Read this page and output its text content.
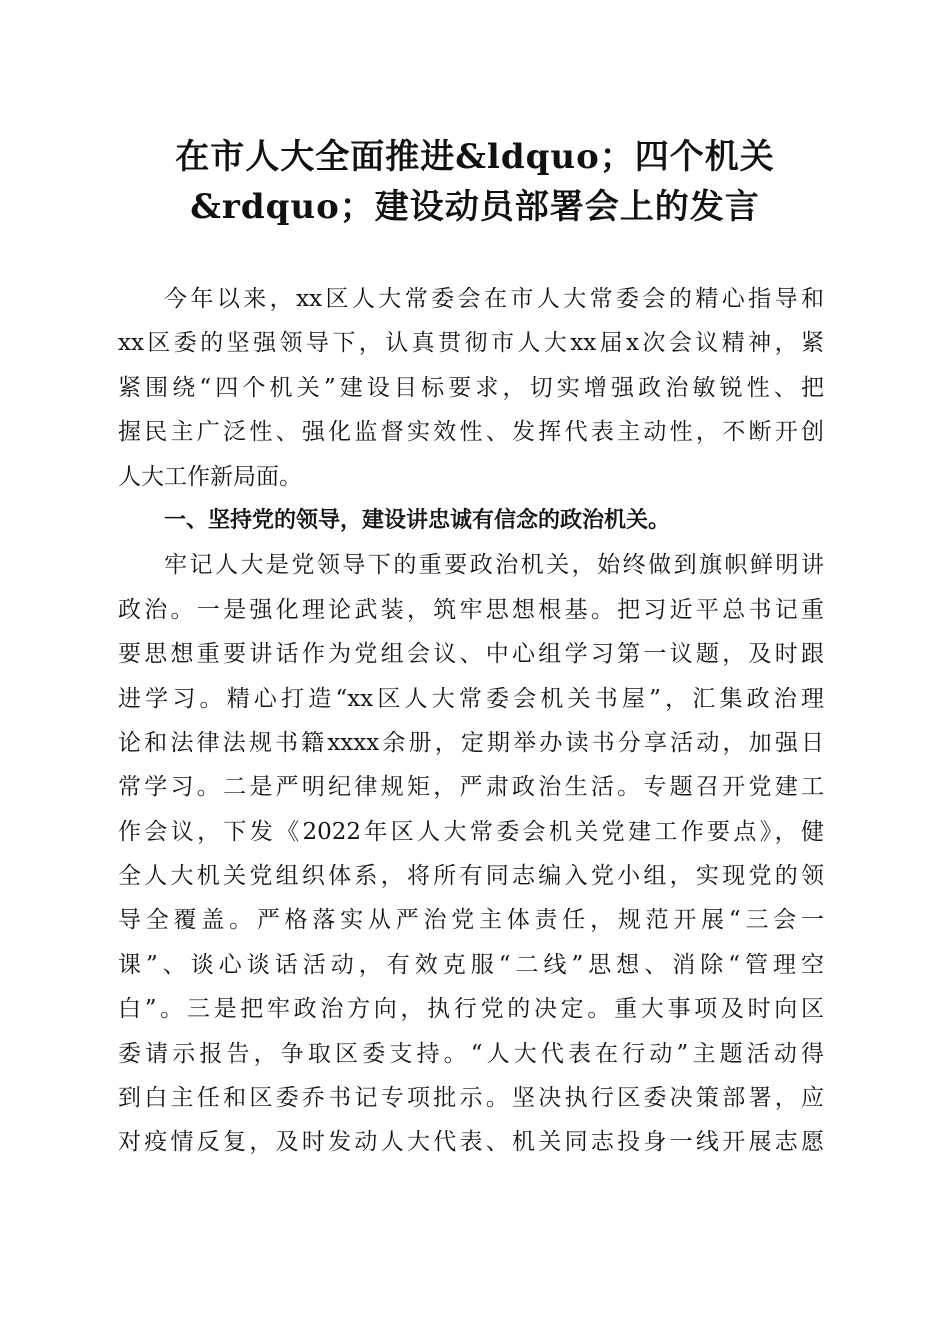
在市人大全面推进&ldquo；四个机关
&rdquo；建设动员部署会上的发言
今年以来，xx区人大常委会在市人大常委会的精心指导和
xx区委的坚强领导下，认真贯彻市人大xx届x次会议精神，紧
紧围绕“四个机关”建设目标要求，切实增强政治敏锐性、把
握民主广泛性、强化监督实效性、发挥代表主动性，不断开创
人大工作新局面。
一、坚持党的领导，建设讲忠诚有信念的政治机关。
牢记人大是党领导下的重要政治机关，始终做到旗帜鲜明讲
政治。一是强化理论武装，筑牢思想根基。把习近平总书记重
要思想重要讲话作为党组会议、中心组学习第一议题，及时跟
进学习。精心打造“xx区人大常委会机关书屋”，汇集政治理
论和法律法规书籍xxxx余册，定期举办读书分享活动，加强日
常学习。二是严明纪律规矩，严肃政治生活。专题召开党建工
作会议，下发《2022年区人大常委会机关党建工作要点》，健
全人大机关党组织体系，将所有同志编入党小组，实现党的领
导全覆盖。严格落实从严治党主体责任，规范开展“三会一
课”、谈心谈话活动，有效克服“二线”思想、消除“管理空
白”。三是把牢政治方向，执行党的决定。重大事项及时向区
委请示报告，争取区委支持。“人大代表在行动”主题活动得
到白主任和区委乔书记专项批示。坚决执行区委决策部署，应
对疫情反复，及时发动人大代表、机关同志投身一线开展志愿
